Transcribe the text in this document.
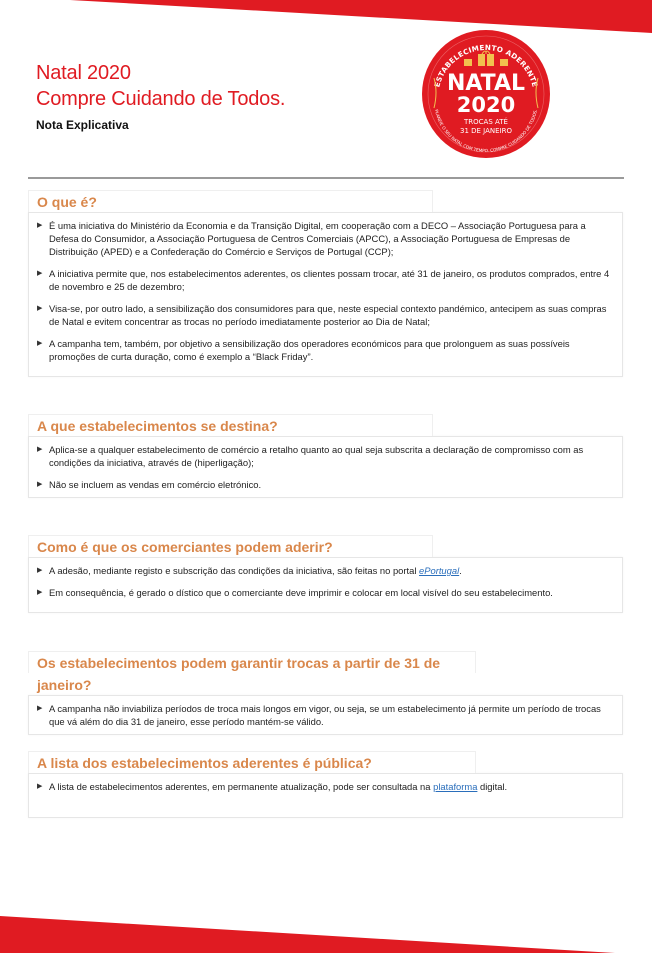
Natal 2020
Compre Cuidando de Todos.
Nota Explicativa
ESTABELECIMENTO ADERENTE
NATAL
2020
TROCAS ATÉ
31 DE JANEIRO
PLANEIE O SEU NATAL COM TEMPO. COMPRE CUIDANDO DE TODOS.
O que é?
▶ É uma iniciativa do Ministério da Economia e da Transição Digital, em cooperação com a DECO – Associação Portuguesa para a Defesa do Consumidor, a Associação Portuguesa de Centros Comerciais (APCC), a Associação Portuguesa de Empresas de Distribuição (APED) e a Confederação do Comércio e Serviços de Portugal (CCP);
▶ A iniciativa permite que, nos estabelecimentos aderentes, os clientes possam trocar, até 31 de janeiro, os produtos comprados, entre 4 de novembro e 25 de dezembro;
▶ Visa-se, por outro lado, a sensibilização dos consumidores para que, neste especial contexto pandémico, antecipem as suas compras de Natal e evitem concentrar as trocas no período imediatamente posterior ao Dia de Natal;
▶ A campanha tem, também, por objetivo a sensibilização dos operadores económicos para que prolonguem as suas possíveis promoções de curta duração, como é exemplo a “Black Friday”.
A que estabelecimentos se destina?
▶ Aplica-se a qualquer estabelecimento de comércio a retalho quanto ao qual seja subscrita a declaração de compromisso com as condições da iniciativa, através de (hiperligação);
▶ Não se incluem as vendas em comércio eletrónico.
Como é que os comerciantes podem aderir?
▶ A adesão, mediante registo e subscrição das condições da iniciativa, são feitas no portal ePortugal.
▶ Em consequência, é gerado o dístico que o comerciante deve imprimir e colocar em local visível do seu estabelecimento.
Os estabelecimentos podem garantir trocas a partir de 31 de janeiro?
▶ A campanha não inviabiliza períodos de troca mais longos em vigor, ou seja, se um estabelecimento já permite um período de trocas que vá além do dia 31 de janeiro, esse período mantém-se válido.
A lista dos estabelecimentos aderentes é pública?
▶ A lista de estabelecimentos aderentes, em permanente atualização, pode ser consultada na plataforma digital.
